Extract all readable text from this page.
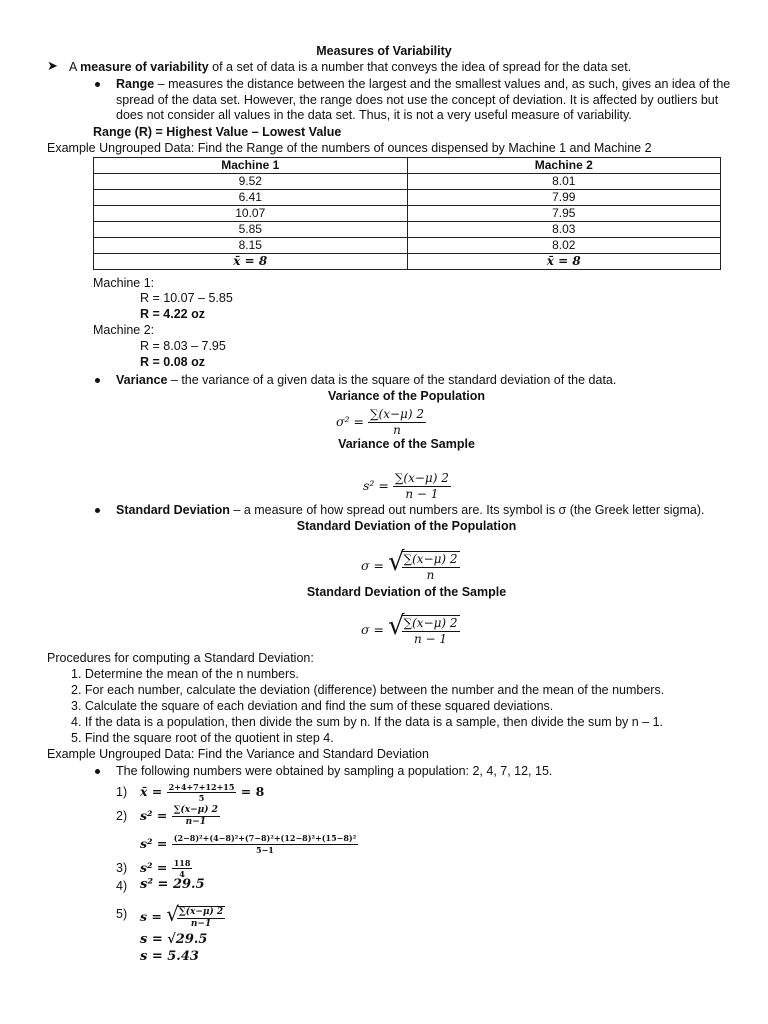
Measures of Variability
➤ A measure of variability of a set of data is a number that conveys the idea of spread for the data set.
Range – measures the distance between the largest and the smallest values and, as such, gives an idea of the
spread of the data set. However, the range does not use the concept of deviation. It is affected by outliers but
does not consider all values in the data set. Thus, it is not a very useful measure of variability.
Range (R) = Highest Value – Lowest Value
Example Ungrouped Data: Find the Range of the numbers of ounces dispensed by Machine 1 and Machine 2
Machine 1	Machine 2
9.52	8.01
6.41	7.99
10.07	7.95
5.85	8.03
8.15	8.02
x̄ = 8	x̄ = 8
Machine 1:
R = 10.07 – 5.85
R = 4.22 oz
Machine 2:
R = 8.03 – 7.95
R = 0.08 oz
Variance – the variance of a given data is the square of the standard deviation of the data.
Variance of the Population
$\sigma^2 = \frac{\sum(x-\mu) 2}{n}$
Variance of the Sample
$s^2 = \frac{\sum(x-\mu) 2}{n - 1}$
Standard Deviation – a measure of how spread out numbers are. Its symbol is σ (the Greek letter sigma).
Standard Deviation of the Population
σ = √
$\frac{\sum(x-\mu) 2}{n}$
Standard Deviation of the Sample
σ = √
$\frac{\sum(x-\mu) 2}{n - 1}$
Procedures for computing a Standard Deviation:
1. Determine the mean of the n numbers.
2. For each number, calculate the deviation (difference) between the number and the mean of the numbers.
3. Calculate the square of each deviation and find the sum of these squared deviations.
4. If the data is a population, then divide the sum by n. If the data is a sample, then divide the sum by n – 1.
5. Find the square root of the quotient in step 4.
Example Ungrouped Data: Find the Variance and Standard Deviation
The following numbers were obtained by sampling a population: 2, 4, 7, 12, 15.
1) x̄ = $\frac{2+4+7+12+15}{5} = 8$
2) $s^2 = \frac{\sum(x-\mu) 2}{n-1}$
$s^2 = \frac{\text{(2−8)²+(4−8)²+(7−8)²+(12−8)²+(15−8)²}}{5-1}$
3) $s^2 = \frac{118}{4}$
4) s² = 29.5
5) s = √
$\frac{\sum(x-\mu) 2}{n-1}$
s = √29.5
s = 5.43
